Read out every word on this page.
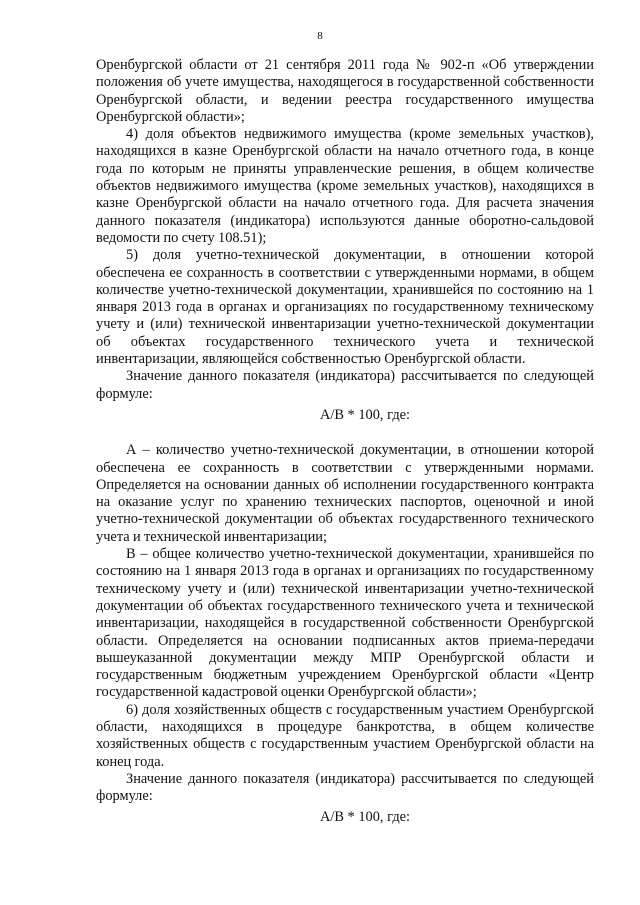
8

Оренбургской области от 21 сентября 2011 года № 902-п «Об утверждении положения об учете имущества, находящегося в государственной собственности Оренбургской области, и ведении реестра государственного имущества Оренбургской области»;

4) доля объектов недвижимого имущества (кроме земельных участков), находящихся в казне Оренбургской области на начало отчетного года, в конце года по которым не приняты управленческие решения, в общем количестве объектов недвижимого имущества (кроме земельных участков), находящихся в казне Оренбургской области на начало отчетного года. Для расчета значения данного показателя (индикатора) используются данные оборотно-сальдовой ведомости по счету 108.51);

5) доля учетно-технической документации, в отношении которой обеспечена ее сохранность в соответствии с утвержденными нормами, в общем количестве учетно-технической документации, хранившейся по состоянию на 1 января 2013 года в органах и организациях по государственному техническому учету и (или) технической инвентаризации учетно-технической документации об объектах государственного технического учета и технической инвентаризации, являющейся собственностью Оренбургской области.

Значение данного показателя (индикатора) рассчитывается по следующей формуле:

А/В * 100, где:

А – количество учетно-технической документации, в отношении которой обеспечена ее сохранность в соответствии с утвержденными нормами. Определяется на основании данных об исполнении государственного контракта на оказание услуг по хранению технических паспортов, оценочной и иной учетно-технической документации об объектах государственного технического учета и технической инвентаризации;

В – общее количество учетно-технической документации, хранившейся по состоянию на 1 января 2013 года в органах и организациях по государственному техническому учету и (или) технической инвентаризации учетно-технической документации об объектах государственного технического учета и технической инвентаризации, находящейся в государственной собственности Оренбургской области. Определяется на основании подписанных актов приема-передачи вышеуказанной документации между МПР Оренбургской области и государственным бюджетным учреждением Оренбургской области «Центр государственной кадастровой оценки Оренбургской области»;

6) доля хозяйственных обществ с государственным участием Оренбургской области, находящихся в процедуре банкротства, в общем количестве хозяйственных обществ с государственным участием Оренбургской области на конец года.

Значение данного показателя (индикатора) рассчитывается по следующей формуле:

А/В * 100, где:
